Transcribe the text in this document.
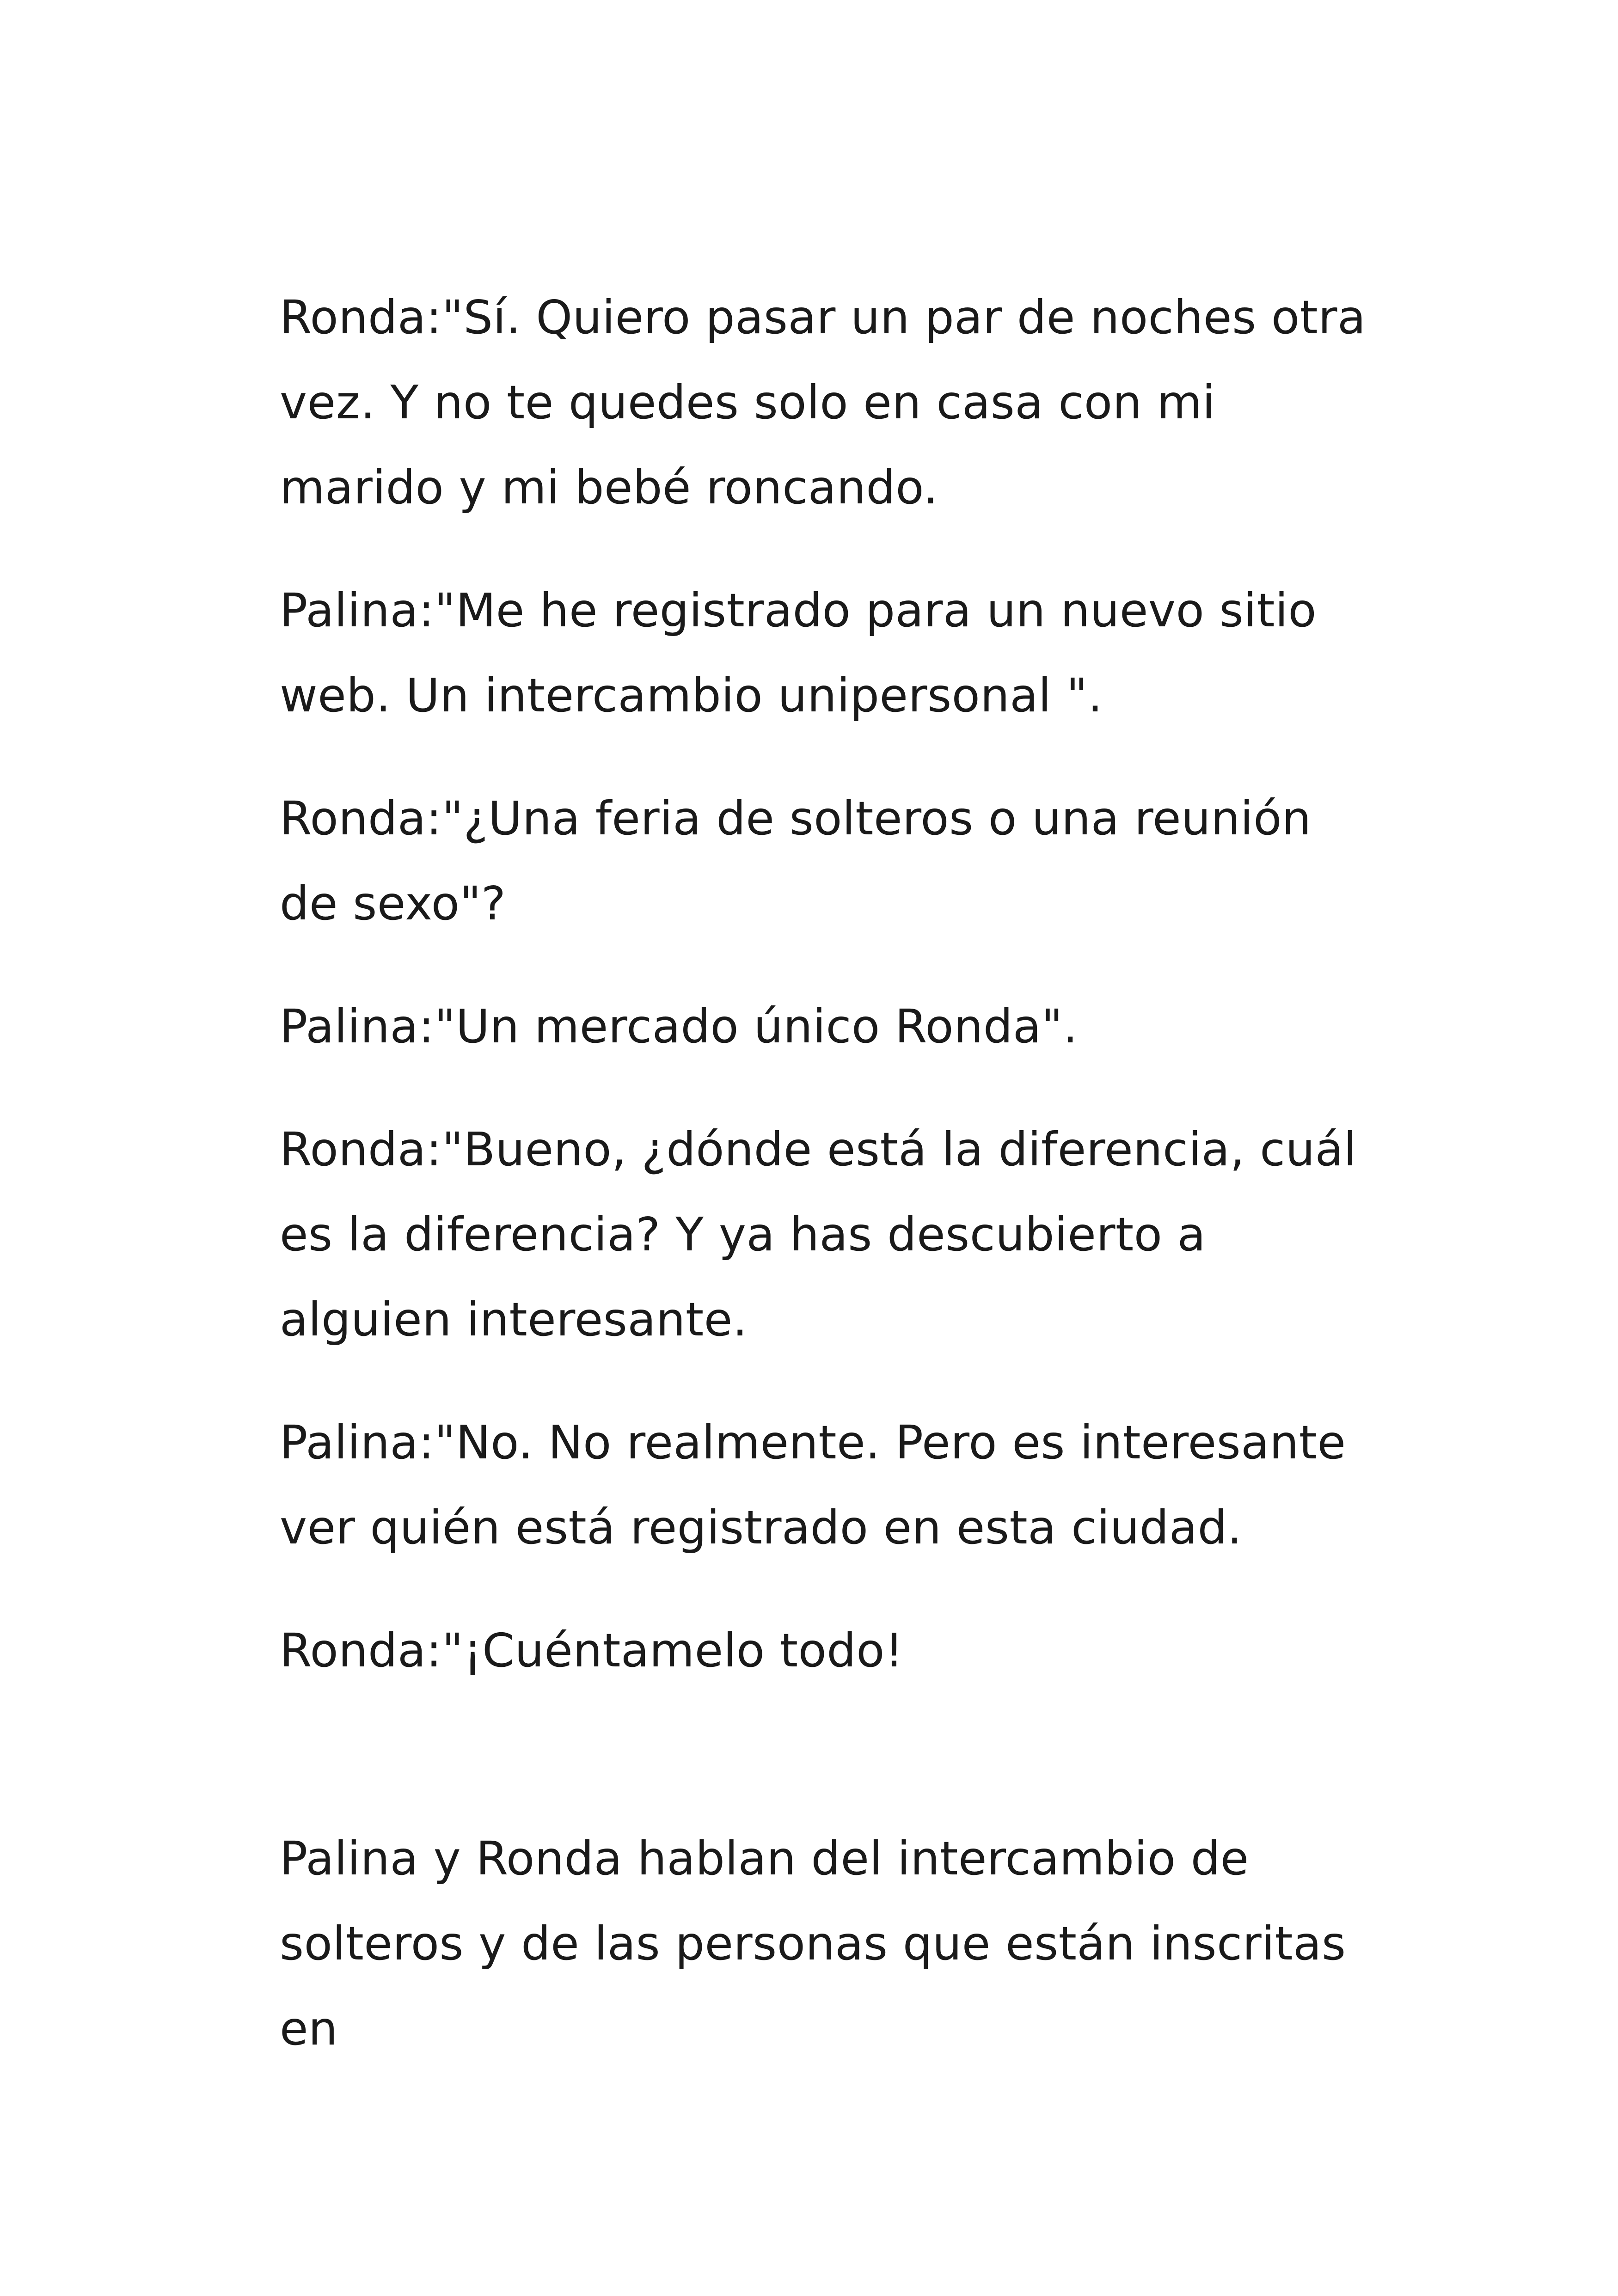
Ronda:"Sí. Quiero pasar un par de noches otra vez. Y no te quedes solo en casa con mi marido y mi bebé roncando.

Palina:"Me he registrado para un nuevo sitio web. Un intercambio unipersonal ".

Ronda:"¿Una feria de solteros o una reunión de sexo"?

Palina:"Un mercado único Ronda".

Ronda:"Bueno, ¿dónde está la diferencia, cuál es la diferencia? Y ya has descubierto a alguien interesante.

Palina:"No. No realmente. Pero es interesante ver quién está registrado en esta ciudad.

Ronda:"¡Cuéntamelo todo!

Palina y Ronda hablan del intercambio de solteros y de las personas que están inscritas en
